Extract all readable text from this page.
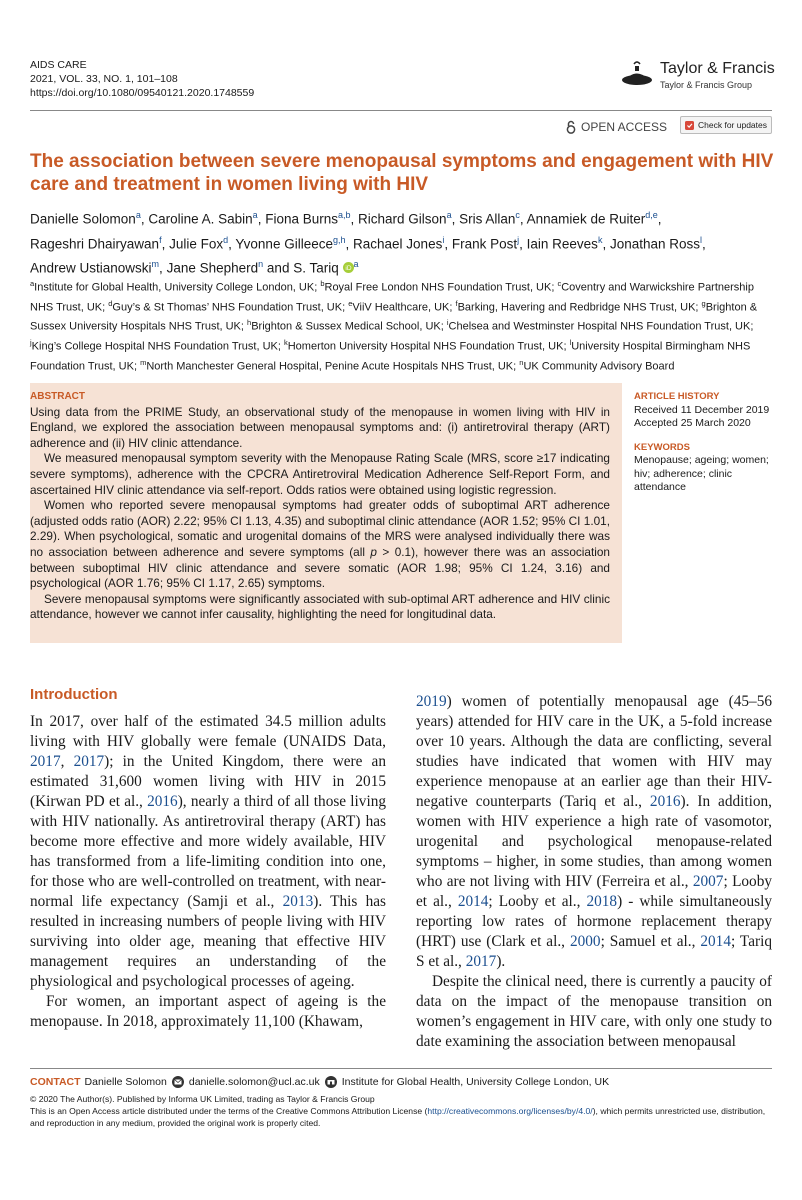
AIDS CARE
2021, VOL. 33, NO. 1, 101–108
https://doi.org/10.1080/09540121.2020.1748559
Taylor & Francis
Taylor & Francis Group
OPEN ACCESS	Check for updates
The association between severe menopausal symptoms and engagement with HIV care and treatment in women living with HIV
Danielle Solomon$^a$, Caroline A. Sabin$^a$, Fiona Burns$^{a,b}$, Richard Gilson$^a$, Sris Allan$^c$, Annamiek de Ruiter$^{d,e}$,
Rageshri Dhairyawan$^f$, Julie Fox$^d$, Yvonne Gilleece$^{g,h}$, Rachael Jones$^i$, Frank Post$^j$, Iain Reeves$^k$, Jonathan Ross$^l$,
Andrew Ustianowski$^m$, Jane Shepherd$^n$ and S. Tariq iD $^a$
$^a$Institute for Global Health, University College London, UK; $^b$Royal Free London NHS Foundation Trust, UK; $^c$Coventry and Warwickshire Partnership NHS Trust, UK; $^d$Guy’s & St Thomas’ NHS Foundation Trust, UK; $^e$ViiV Healthcare, UK; $^f$Barking, Havering and Redbridge NHS Trust, UK; $^g$Brighton & Sussex University Hospitals NHS Trust, UK; $^h$Brighton & Sussex Medical School, UK; $^i$Chelsea and Westminster Hospital NHS Foundation Trust, UK; $^j$King’s College Hospital NHS Foundation Trust, UK; $^k$Homerton University Hospital NHS Foundation Trust, UK; $^l$University Hospital Birmingham NHS Foundation Trust, UK; $^m$North Manchester General Hospital, Penine Acute Hospitals NHS Trust, UK; $^n$UK Community Advisory Board
ABSTRACT

Using data from the PRIME Study, an observational study of the menopause in women living with HIV in England, we explored the association between menopausal symptoms and: (i) antiretroviral therapy (ART) adherence and (ii) HIV clinic attendance.

We measured menopausal symptom severity with the Menopause Rating Scale (MRS, score ≥17 indicating severe symptoms), adherence with the CPCRA Antiretroviral Medication Adherence Self-Report Form, and ascertained HIV clinic attendance via self-report. Odds ratios were obtained using logistic regression.

Women who reported severe menopausal symptoms had greater odds of suboptimal ART adherence (adjusted odds ratio (AOR) 2.22; 95% CI 1.13, 4.35) and suboptimal clinic attendance (AOR 1.52; 95% CI 1.01, 2.29). When psychological, somatic and urogenital domains of the MRS were analysed individually there was no association between adherence and severe symptoms (all p > 0.1), however there was an association between suboptimal HIV clinic attendance and severe somatic (AOR 1.98; 95% CI 1.24, 3.16) and psychological (AOR 1.76; 95% CI 1.17, 2.65) symptoms.

Severe menopausal symptoms were significantly associated with sub-optimal ART adherence and HIV clinic attendance, however we cannot infer causality, highlighting the need for longitudinal data.

ARTICLE HISTORY
Received 11 December 2019
Accepted 25 March 2020
KEYWORDS
Menopause; ageing; women; hiv; adherence; clinic attendance
Introduction

In 2017, over half of the estimated 34.5 million adults living with HIV globally were female (UNAIDS Data, 2017, 2017); in the United Kingdom, there were an estimated 31,600 women living with HIV in 2015 (Kirwan PD et al., 2016), nearly a third of all those living with HIV nationally. As antiretroviral therapy (ART) has become more effective and more widely available, HIV has transformed from a life-limiting condition into one, for those who are well-controlled on treatment, with near-normal life expectancy (Samji et al., 2013). This has resulted in increasing numbers of people living with HIV surviving into older age, meaning that effective HIV management requires an understanding of the physiological and psychological processes of ageing.

For women, an important aspect of ageing is the menopause. In 2018, approximately 11,100 (Khawam,

2019) women of potentially menopausal age (45–56 years) attended for HIV care in the UK, a 5-fold increase over 10 years. Although the data are conflicting, several studies have indicated that women with HIV may experience menopause at an earlier age than their HIV-negative counterparts (Tariq et al., 2016). In addition, women with HIV experience a high rate of vasomotor, urogenital and psychological menopause-related symptoms – higher, in some studies, than among women who are not living with HIV (Ferreira et al., 2007; Looby et al., 2014; Looby et al., 2018) - while simultaneously reporting low rates of hormone replacement therapy (HRT) use (Clark et al., 2000; Samuel et al., 2014; Tariq S et al., 2017).

Despite the clinical need, there is currently a paucity of data on the impact of the menopause transition on women’s engagement in HIV care, with only one study to date examining the association between menopausal

CONTACT Danielle Solomon danielle.solomon@ucl.ac.uk Institute for Global Health, University College London, UK
© 2020 The Author(s). Published by Informa UK Limited, trading as Taylor & Francis Group
This is an Open Access article distributed under the terms of the Creative Commons Attribution License (http://creativecommons.org/licenses/by/4.0/), which permits unrestricted use, distribution, and reproduction in any medium, provided the original work is properly cited.
